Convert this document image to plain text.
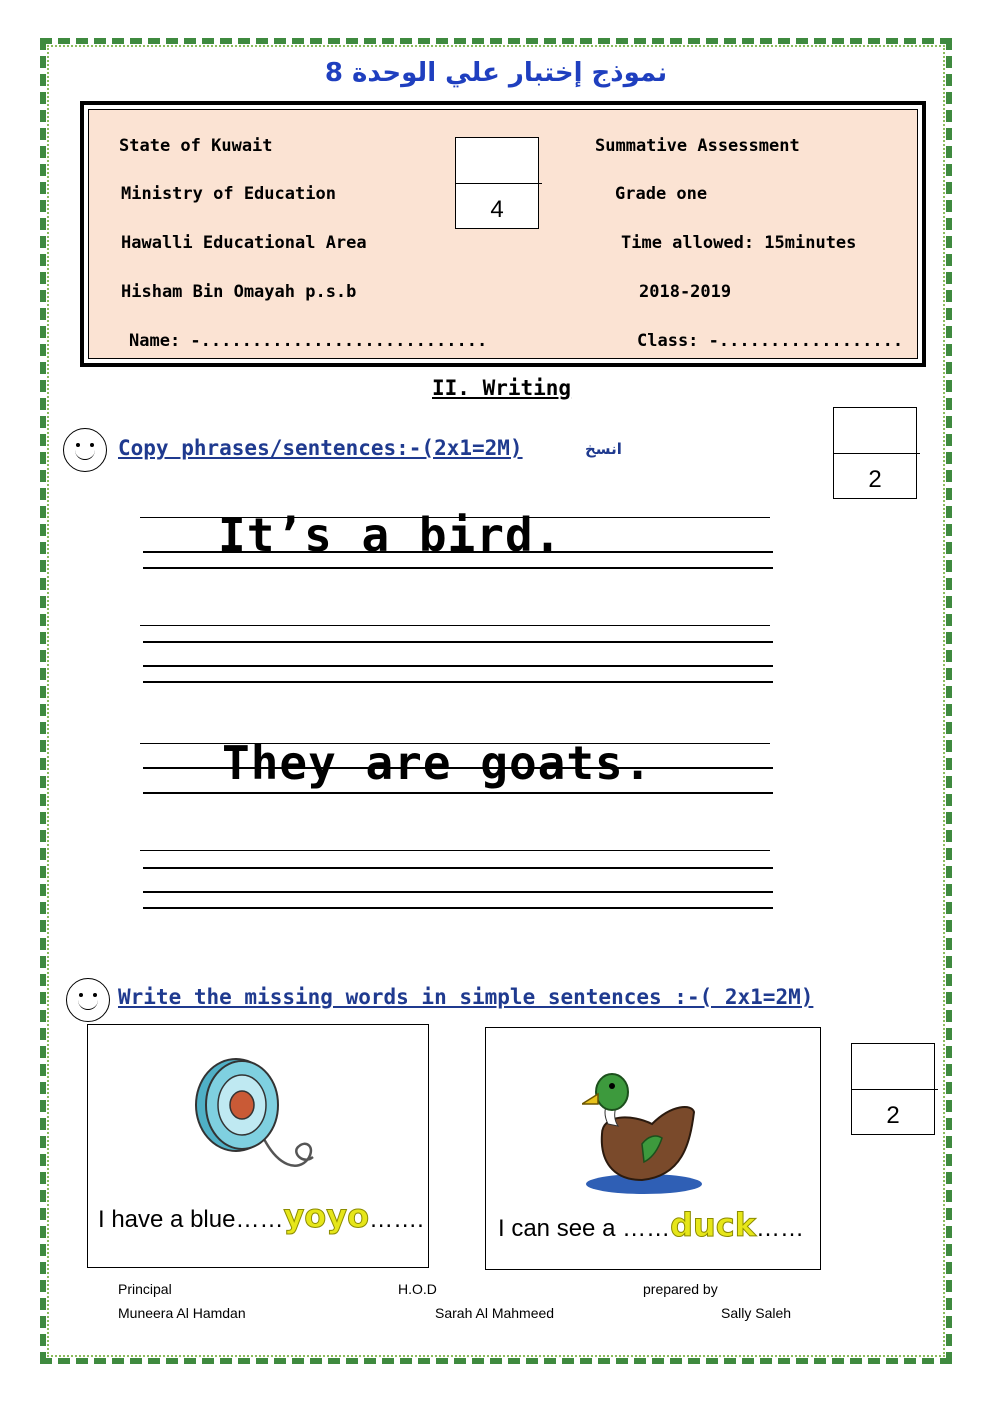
نموذج إختبار علي الوحدة 8
State of Kuwait
Ministry of Education
Hawalli Educational Area
Hisham Bin Omayah p.s.b
Name: -............................
Summative Assessment
Grade one
Time allowed: 15minutes
2018-2019
Class: -..................
4
II. Writing
Copy phrases/sentences:-(2x1=2M)	انسخ
2
It’s a bird.
They are goats.
Write the missing words in simple sentences :-( 2x1=2M)
2
I have a blue……yoyo…….	I can see a ……duck……
Principal
Muneera Al Hamdan
H.O.D
Sarah Al Mahmeed
prepared by
Sally Saleh
